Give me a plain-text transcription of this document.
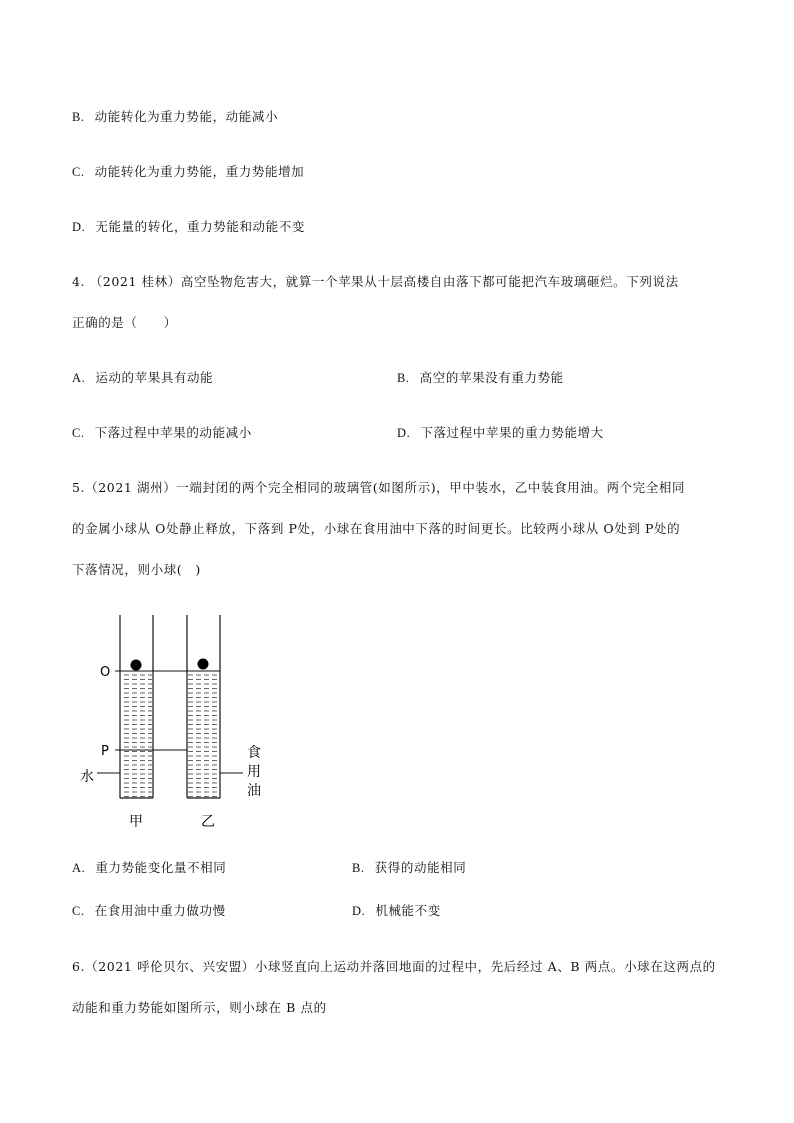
B. 动能转化为重力势能，动能减小
C. 动能转化为重力势能，重力势能增加
D. 无能量的转化，重力势能和动能不变
4. （2021 桂林）高空坠物危害大，就算一个苹果从十层高楼自由落下都可能把汽车玻璃砸烂。下列说法
正确的是（　　）
A. 运动的苹果具有动能	B. 高空的苹果没有重力势能
C. 下落过程中苹果的动能减小	D. 下落过程中苹果的重力势能增大
5.（2021 湖州）一端封闭的两个完全相同的玻璃管(如图所示)，甲中装水，乙中装食用油。两个完全相同
的金属小球从 O处静止释放，下落到 P处，小球在食用油中下落的时间更长。比较两小球从 O处到 P处的
下落情况，则小球(　)
O
P
水
食
用
油
甲	乙
A. 重力势能变化量不相同	B. 获得的动能相同
C. 在食用油中重力做功慢	D. 机械能不变
6.（2021 呼伦贝尔、兴安盟）小球竖直向上运动并落回地面的过程中，先后经过 A、B 两点。小球在这两点的
动能和重力势能如图所示，则小球在 B 点的
